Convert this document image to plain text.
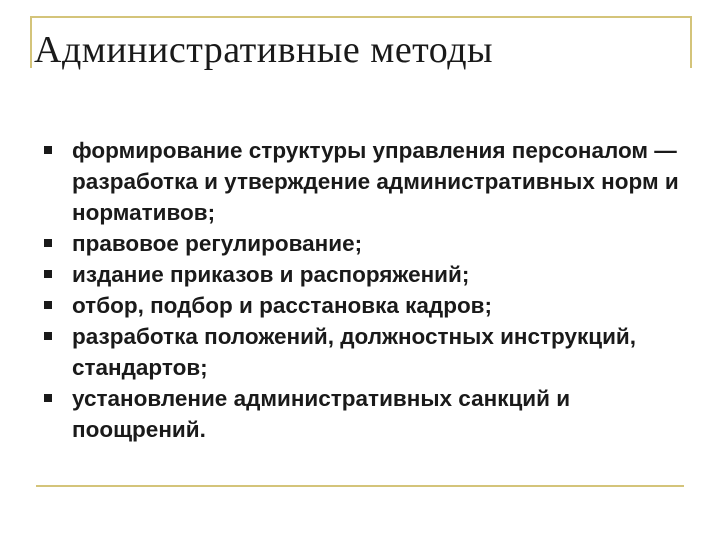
Административные методы
формирование структуры управления персоналом — разработка и утверждение административных норм и нормативов;
правовое регулирование;
издание приказов и распоряжений;
отбор, подбор и расстановка кадров;
разработка положений, должностных инструкций, стандартов;
установление административных санкций и поощрений.
